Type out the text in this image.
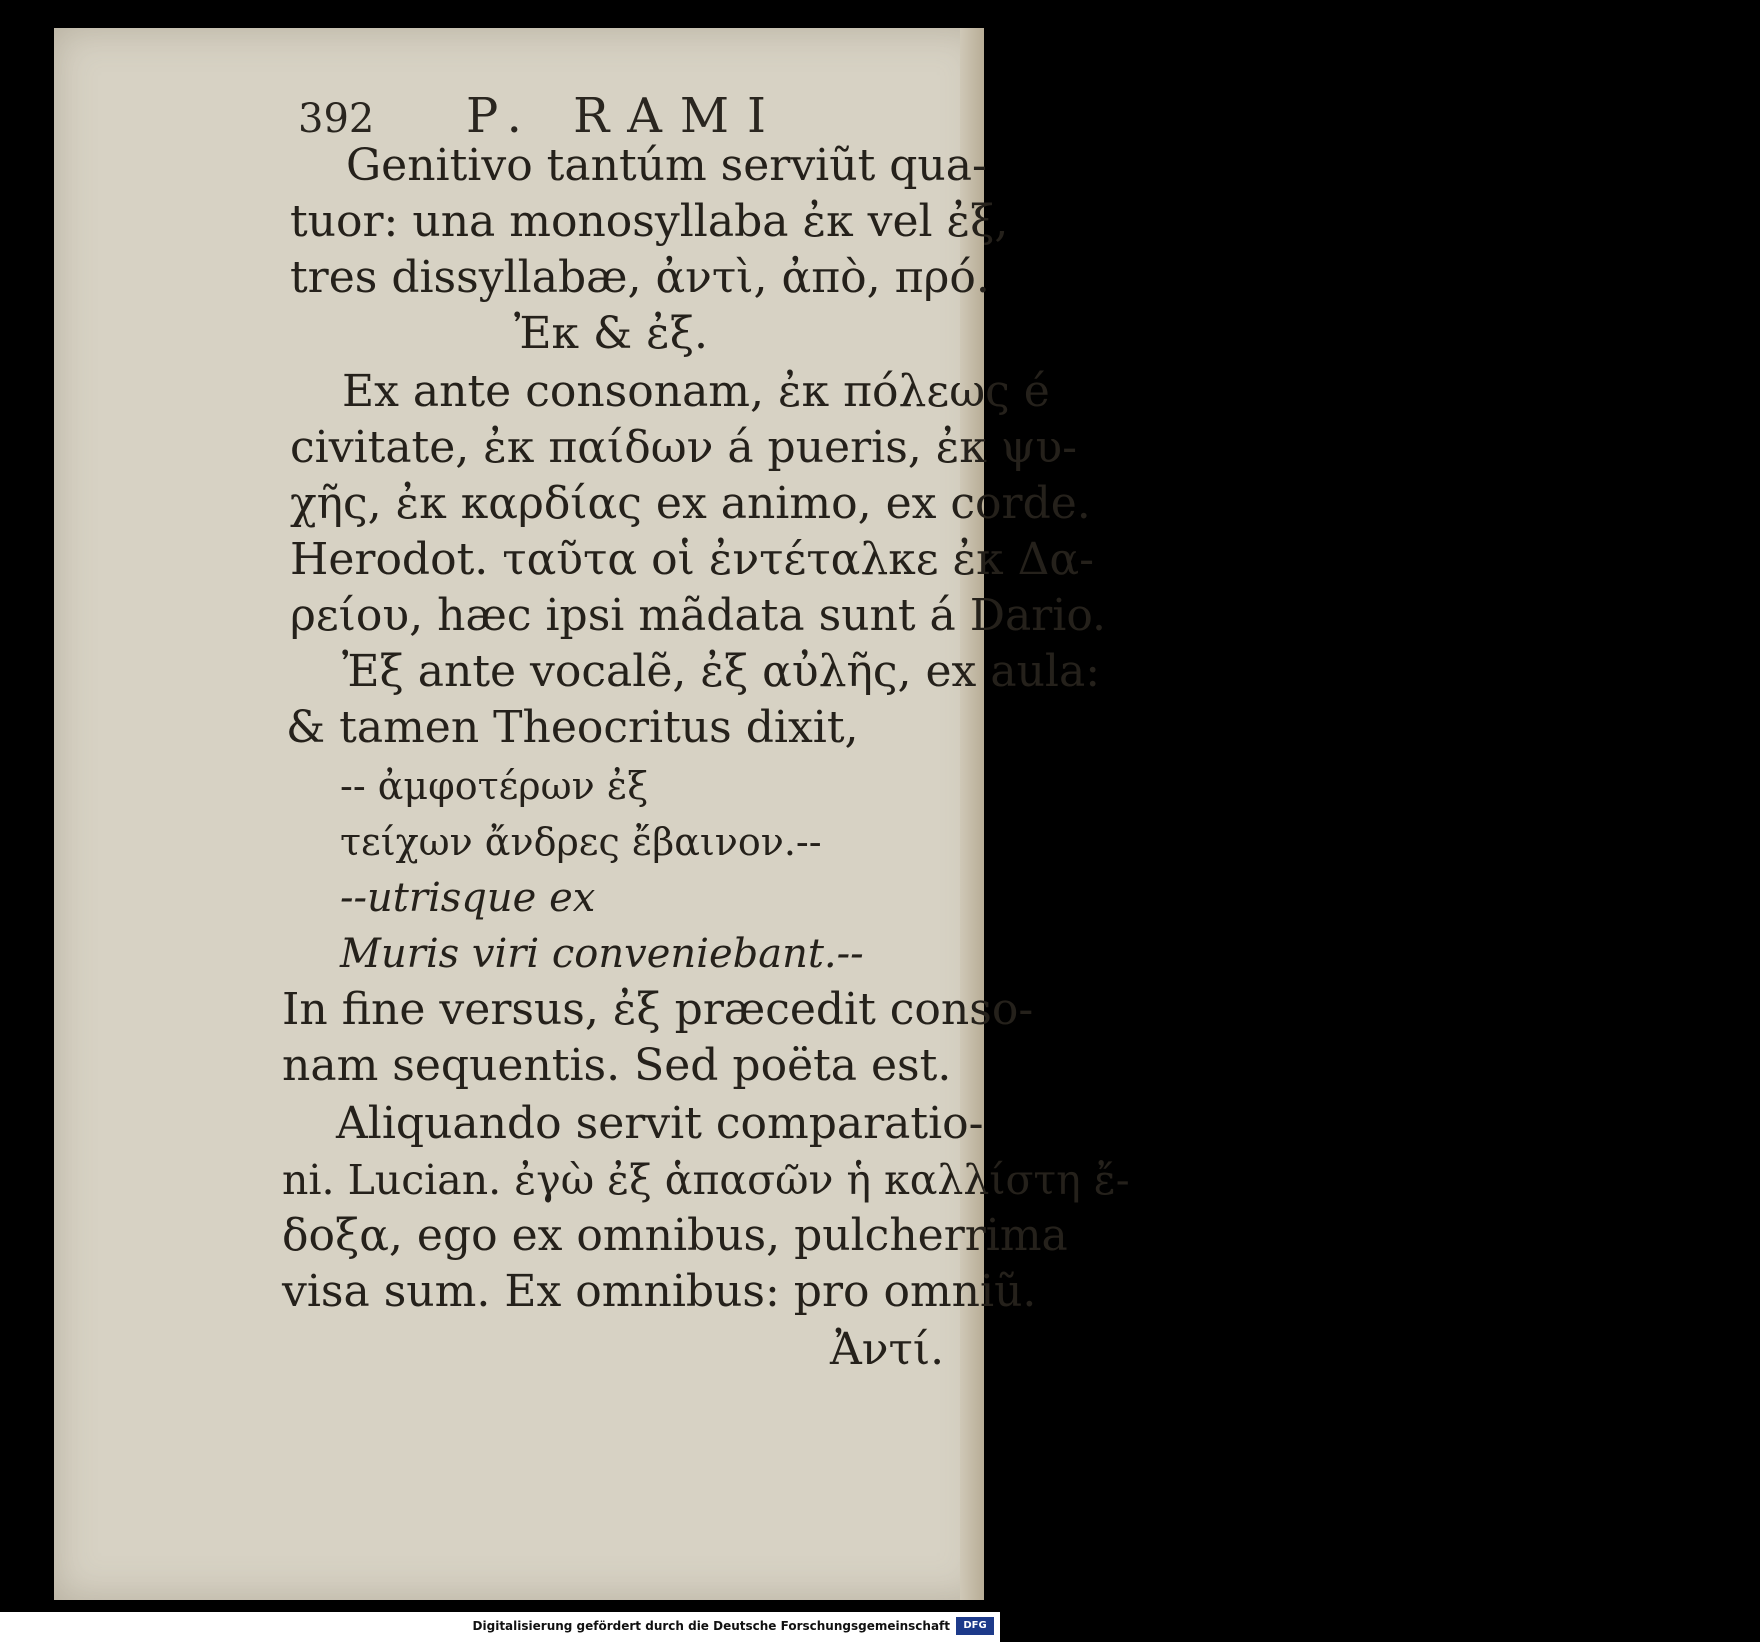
392 P. RAMI
Genitivo tantúm serviũt qua-
tuor: una monosyllaba ἐκ vel ἐξ,
tres dissyllabæ, ἀντὶ, ἀπὸ, πρό.
Ἐκ & ἐξ.
Ex ante consonam, ἐκ πόλεως é
civitate, ἐκ παίδων á pueris, ἐκ ψυ-
χῆς, ἐκ καρδίας ex animo, ex corde.
Herodot. ταῦτα οἱ ἐντέταλκε ἐκ Δα-
ρείου, hæc ipsi mãdata sunt á Dario.
Ἐξ ante vocalẽ, ἐξ αὐλῆς, ex aula:
& tamen Theocritus dixit,
-- ἀμφοτέρων ἐξ
τείχων ἄνδρες ἔβαινον.--
--utrisque ex
Muris viri conveniebant.--
In fine versus, ἐξ præcedit conso-
nam sequentis. Sed poëta est.
Aliquando servit comparatio-
ni. Lucian. ἐγὼ ἐξ ἁπασῶν ἡ καλλίστη ἔ-
δοξα, ego ex omnibus, pulcherrima
visa sum. Ex omnibus: pro omniũ.
Ἀντί.
Digitalisierung gefördert durch die Deutsche Forschungsgemeinschaft	DFG
